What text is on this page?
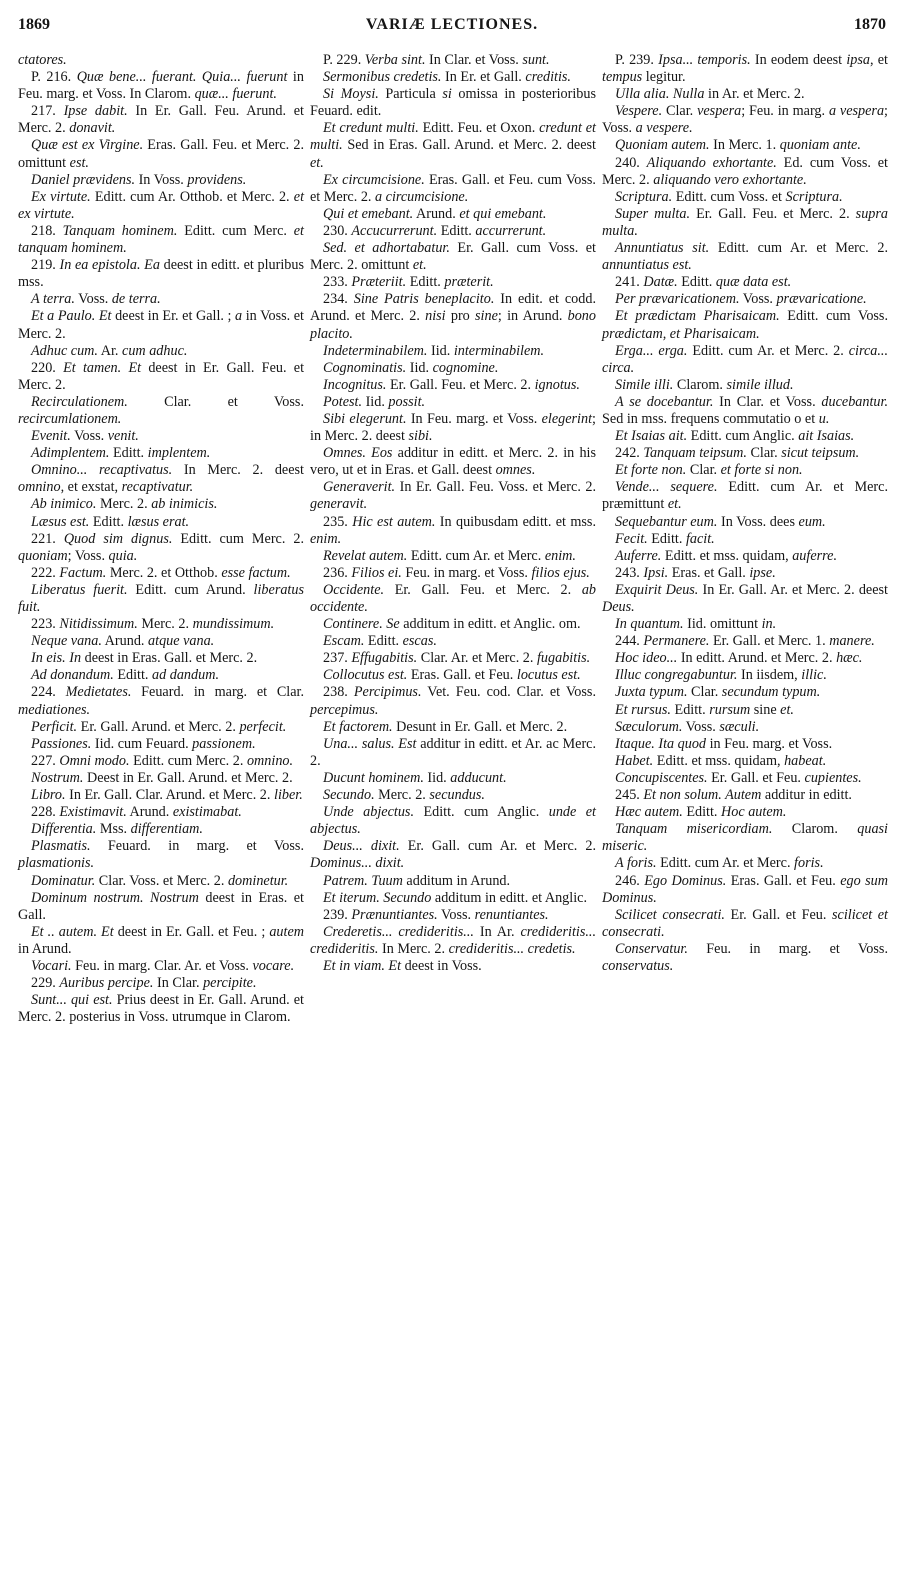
1869	VARIÆ LECTIONES.	1870

ctatores.

P. 216. Quæ bene... fuerant. Quia... fuerunt in Feu. marg. et Voss. In Clarom. quæ... fuerunt.

217. Ipse dabit. In Er. Gall. Feu. Arund. et Merc. 2. donavit.

Quæ est ex Virgine. Eras. Gall. Feu. et Merc. 2. omittunt est.

Daniel prævidens. In Voss. providens.

Ex virtute. Editt. cum Ar. Otthob. et Merc. 2. et ex virtute.

218. Tanquam hominem. Editt. cum Merc. et tanquam hominem.

219. In ea epistola. Ea deest in editt. et pluribus mss.

A terra. Voss. de terra.

Et a Paulo. Et deest in Er. et Gall. ; a in Voss. et Merc. 2.

Adhuc cum. Ar. cum adhuc.

220. Et tamen. Et deest in Er. Gall. Feu. et Merc. 2.

Recirculationem. Clar. et Voss. recircumlationem.

Evenit. Voss. venit.

Adimplentem. Editt. implentem.

Omnino... recaptivatus. In Merc. 2. deest omnino, et exstat, recaptivatur.

Ab inimico. Merc. 2. ab inimicis.

Læsus est. Editt. læsus erat.

221. Quod sim dignus. Editt. cum Merc. 2. quoniam; Voss. quia.

222. Factum. Merc. 2. et Otthob. esse factum.

Liberatus fuerit. Editt. cum Arund. liberatus fuit.

223. Nitidissimum. Merc. 2. mundissimum.

Neque vana. Arund. atque vana.

In eis. In deest in Eras. Gall. et Merc. 2.

Ad donandum. Editt. ad dandum.

224. Medietates. Feuard. in marg. et Clar. mediationes.

Perficit. Er. Gall. Arund. et Merc. 2. perfecit.

Passiones. Iid. cum Feuard. passionem.

227. Omni modo. Editt. cum Merc. 2. omnino.

Nostrum. Deest in Er. Gall. Arund. et Merc. 2.

Libro. In Er. Gall. Clar. Arund. et Merc. 2. liber.

228. Existimavit. Arund. existimabat.

Differentia. Mss. differentiam.

Plasmatis. Feuard. in marg. et Voss. plasmationis.

Dominatur. Clar. Voss. et Merc. 2. dominetur.

Dominum nostrum. Nostrum deest in Eras. et Gall.

Et .. autem. Et deest in Er. Gall. et Feu. ; autem in Arund.

Vocari. Feu. in marg. Clar. Ar. et Voss. vocare.

229. Auribus percipe. In Clar. percipite.

Sunt... qui est. Prius deest in Er. Gall. Arund. et Merc. 2. posterius in Voss. utrumque in Clarom.

P. 229. Verba sint. In Clar. et Voss. sunt.

Sermonibus credetis. In Er. et Gall. creditis.

Si Moysi. Particula si omissa in posterioribus Feuard. edit.

Et credunt multi. Editt. Feu. et Oxon. credunt et multi. Sed in Eras. Gall. Arund. et Merc. 2. deest et.

Ex circumcisione. Eras. Gall. et Feu. cum Voss. et Merc. 2. a circumcisione.

Qui et emebant. Arund. et qui emebant.

230. Accucurrerunt. Editt. accurrerunt.

Sed. et adhortabatur. Er. Gall. cum Voss. et Merc. 2. omittunt et.

233. Præteriit. Editt. præterit.

234. Sine Patris beneplacito. In edit. et codd. Arund. et Merc. 2. nisi pro sine; in Arund. bono placito.

Indeterminabilem. Iid. interminabilem.

Cognominatis. Iid. cognomine.

Incognitus. Er. Gall. Feu. et Merc. 2. ignotus.

Potest. Iid. possit.

Sibi elegerunt. In Feu. marg. et Voss. elegerint; in Merc. 2. deest sibi.

Omnes. Eos additur in editt. et Merc. 2. in his vero, ut et in Eras. et Gall. deest omnes.

Generaverit. In Er. Gall. Feu. Voss. et Merc. 2. generavit.

235. Hic est autem. In quibusdam editt. et mss. enim.

Revelat autem. Editt. cum Ar. et Merc. enim.

236. Filios ei. Feu. in marg. et Voss. filios ejus.

Occidente. Er. Gall. Feu. et Merc. 2. ab occidente.

Continere. Se additum in editt. et Anglic. om.

Escam. Editt. escas.

237. Effugabitis. Clar. Ar. et Merc. 2. fugabitis.

Collocutus est. Eras. Gall. et Feu. locutus est.

238. Percipimus. Vet. Feu. cod. Clar. et Voss. percepimus.

Et factorem. Desunt in Er. Gall. et Merc. 2.

Una... salus. Est additur in editt. et Ar. ac Merc. 2.

Ducunt hominem. Iid. adducunt.

Secundo. Merc. 2. secundus.

Unde abjectus. Editt. cum Anglic. unde et abjectus.

Deus... dixit. Er. Gall. cum Ar. et Merc. 2. Dominus... dixit.

Patrem. Tuum additum in Arund.

Et iterum. Secundo additum in editt. et Anglic.

239. Prænuntiantes. Voss. renuntiantes.

Crederetis... credideritis... In Ar. credideritis... credideritis. In Merc. 2. credideritis... credetis.

Et in viam. Et deest in Voss.

P. 239. Ipsa... temporis. In eodem deest ipsa, et tempus legitur.

Ulla alia. Nulla in Ar. et Merc. 2.

Vespere. Clar. vespera; Feu. in marg. a vespera; Voss. a vespere.

Quoniam autem. In Merc. 1. quoniam ante.

240. Aliquando exhortante. Ed. cum Voss. et Merc. 2. aliquando vero exhortante.

Scriptura. Editt. cum Voss. et Scriptura.

Super multa. Er. Gall. Feu. et Merc. 2. supra multa.

Annuntiatus sit. Editt. cum Ar. et Merc. 2. annuntiatus est.

241. Datæ. Editt. quæ data est.

Per prævaricationem. Voss. prævaricatione.

Et prædictam Pharisaicam. Editt. cum Voss. prædictam, et Pharisaicam.

Erga... erga. Editt. cum Ar. et Merc. 2. circa... circa.

Simile illi. Clarom. simile illud.

A se docebantur. In Clar. et Voss. ducebantur. Sed in mss. frequens commutatio o et u.

Et Isaias ait. Editt. cum Anglic. ait Isaias.

242. Tanquam teipsum. Clar. sicut teipsum.

Et forte non. Clar. et forte si non.

Vende... sequere. Editt. cum Ar. et Merc. præmittunt et.

Sequebantur eum. In Voss. dees eum.

Fecit. Editt. facit.

Auferre. Editt. et mss. quidam, auferre.

243. Ipsi. Eras. et Gall. ipse.

Exquirit Deus. In Er. Gall. Ar. et Merc. 2. deest Deus.

In quantum. Iid. omittunt in.

244. Permanere. Er. Gall. et Merc. 1. manere.

Hoc ideo... In editt. Arund. et Merc. 2. hæc.

Illuc congregabuntur. In iisdem, illic.

Juxta typum. Clar. secundum typum.

Et rursus. Editt. rursum sine et.

Sæculorum. Voss. sæculi.

Itaque. Ita quod in Feu. marg. et Voss.

Habet. Editt. et mss. quidam, habeat.

Concupiscentes. Er. Gall. et Feu. cupientes.

245. Et non solum. Autem additur in editt.

Hæc autem. Editt. Hoc autem.

Tanquam misericordiam. Clarom. quasi miseric.

A foris. Editt. cum Ar. et Merc. foris.

246. Ego Dominus. Eras. Gall. et Feu. ego sum Dominus.

Scilicet consecrati. Er. Gall. et Feu. scilicet et consecrati.

Conservatur. Feu. in marg. et Voss. conservatus.
